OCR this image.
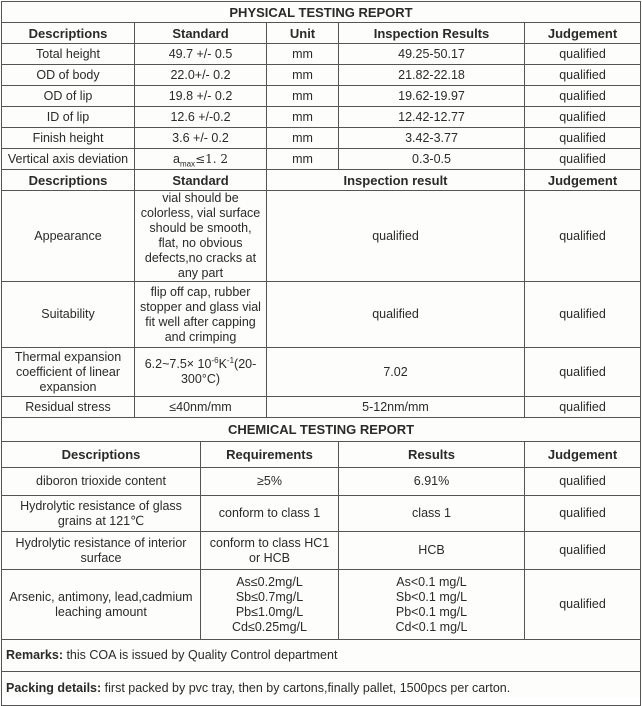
PHYSICAL TESTING REPORT					
Descriptions	Standard		Unit	Inspection Results	Judgement
Total height	49.7 +/- 0.5		mm	49.25-50.17	qualified
OD of body	22.0+/- 0.2		mm	21.82-22.18	qualified
OD of lip	19.8 +/- 0.2		mm	19.62-19.97	qualified
ID of lip	12.6 +/-0.2		mm	12.42-12.77	qualified
Finish height	3.6 +/- 0.2		mm	3.42-3.77	qualified
Vertical axis deviation	$a_{max}\le 1$. 2		mm	0.3-0.5	qualified
Descriptions	Standard		Inspection result		Judgement
Appearance	vial should be colorless, vial surface should be smooth, flat, no obvious defects,no cracks at any part		qualified		qualified
Suitability	flip off cap, rubber stopper and glass vial fit well after capping and crimping		qualified		qualified
Thermal expansion coefficient of linear expansion	6.2~7.5× $10^{-6}K^{-1}(20-300^\circ C)$		7.02		qualified
Residual stress	≤40nm/mm		5-12nm/mm		qualified
CHEMICAL TESTING REPORT					
Descriptions		Requirements		Results	Judgement
diboron trioxide content		≥5%		6.91%	qualified
Hydrolytic resistance of glass grains at 121℃		conform to class 1		class 1	qualified
Hydrolytic resistance of interior surface		conform to class HC1 or HCB		HCB	qualified
Arsenic, antimony, lead,cadmium leaching amount		As≤0.2mg/L
Sb≤0.7mg/L
Pb≤1.0mg/L
Cd≤0.25mg/L		As<0.1 mg/L
Sb<0.1 mg/L
Pb<0.1 mg/L
Cd<0.1 mg/L	qualified
Remarks: this COA is issued by Quality Control department					
Packing details: first packed by pvc tray, then by cartons,finally pallet, 1500pcs per carton.					
